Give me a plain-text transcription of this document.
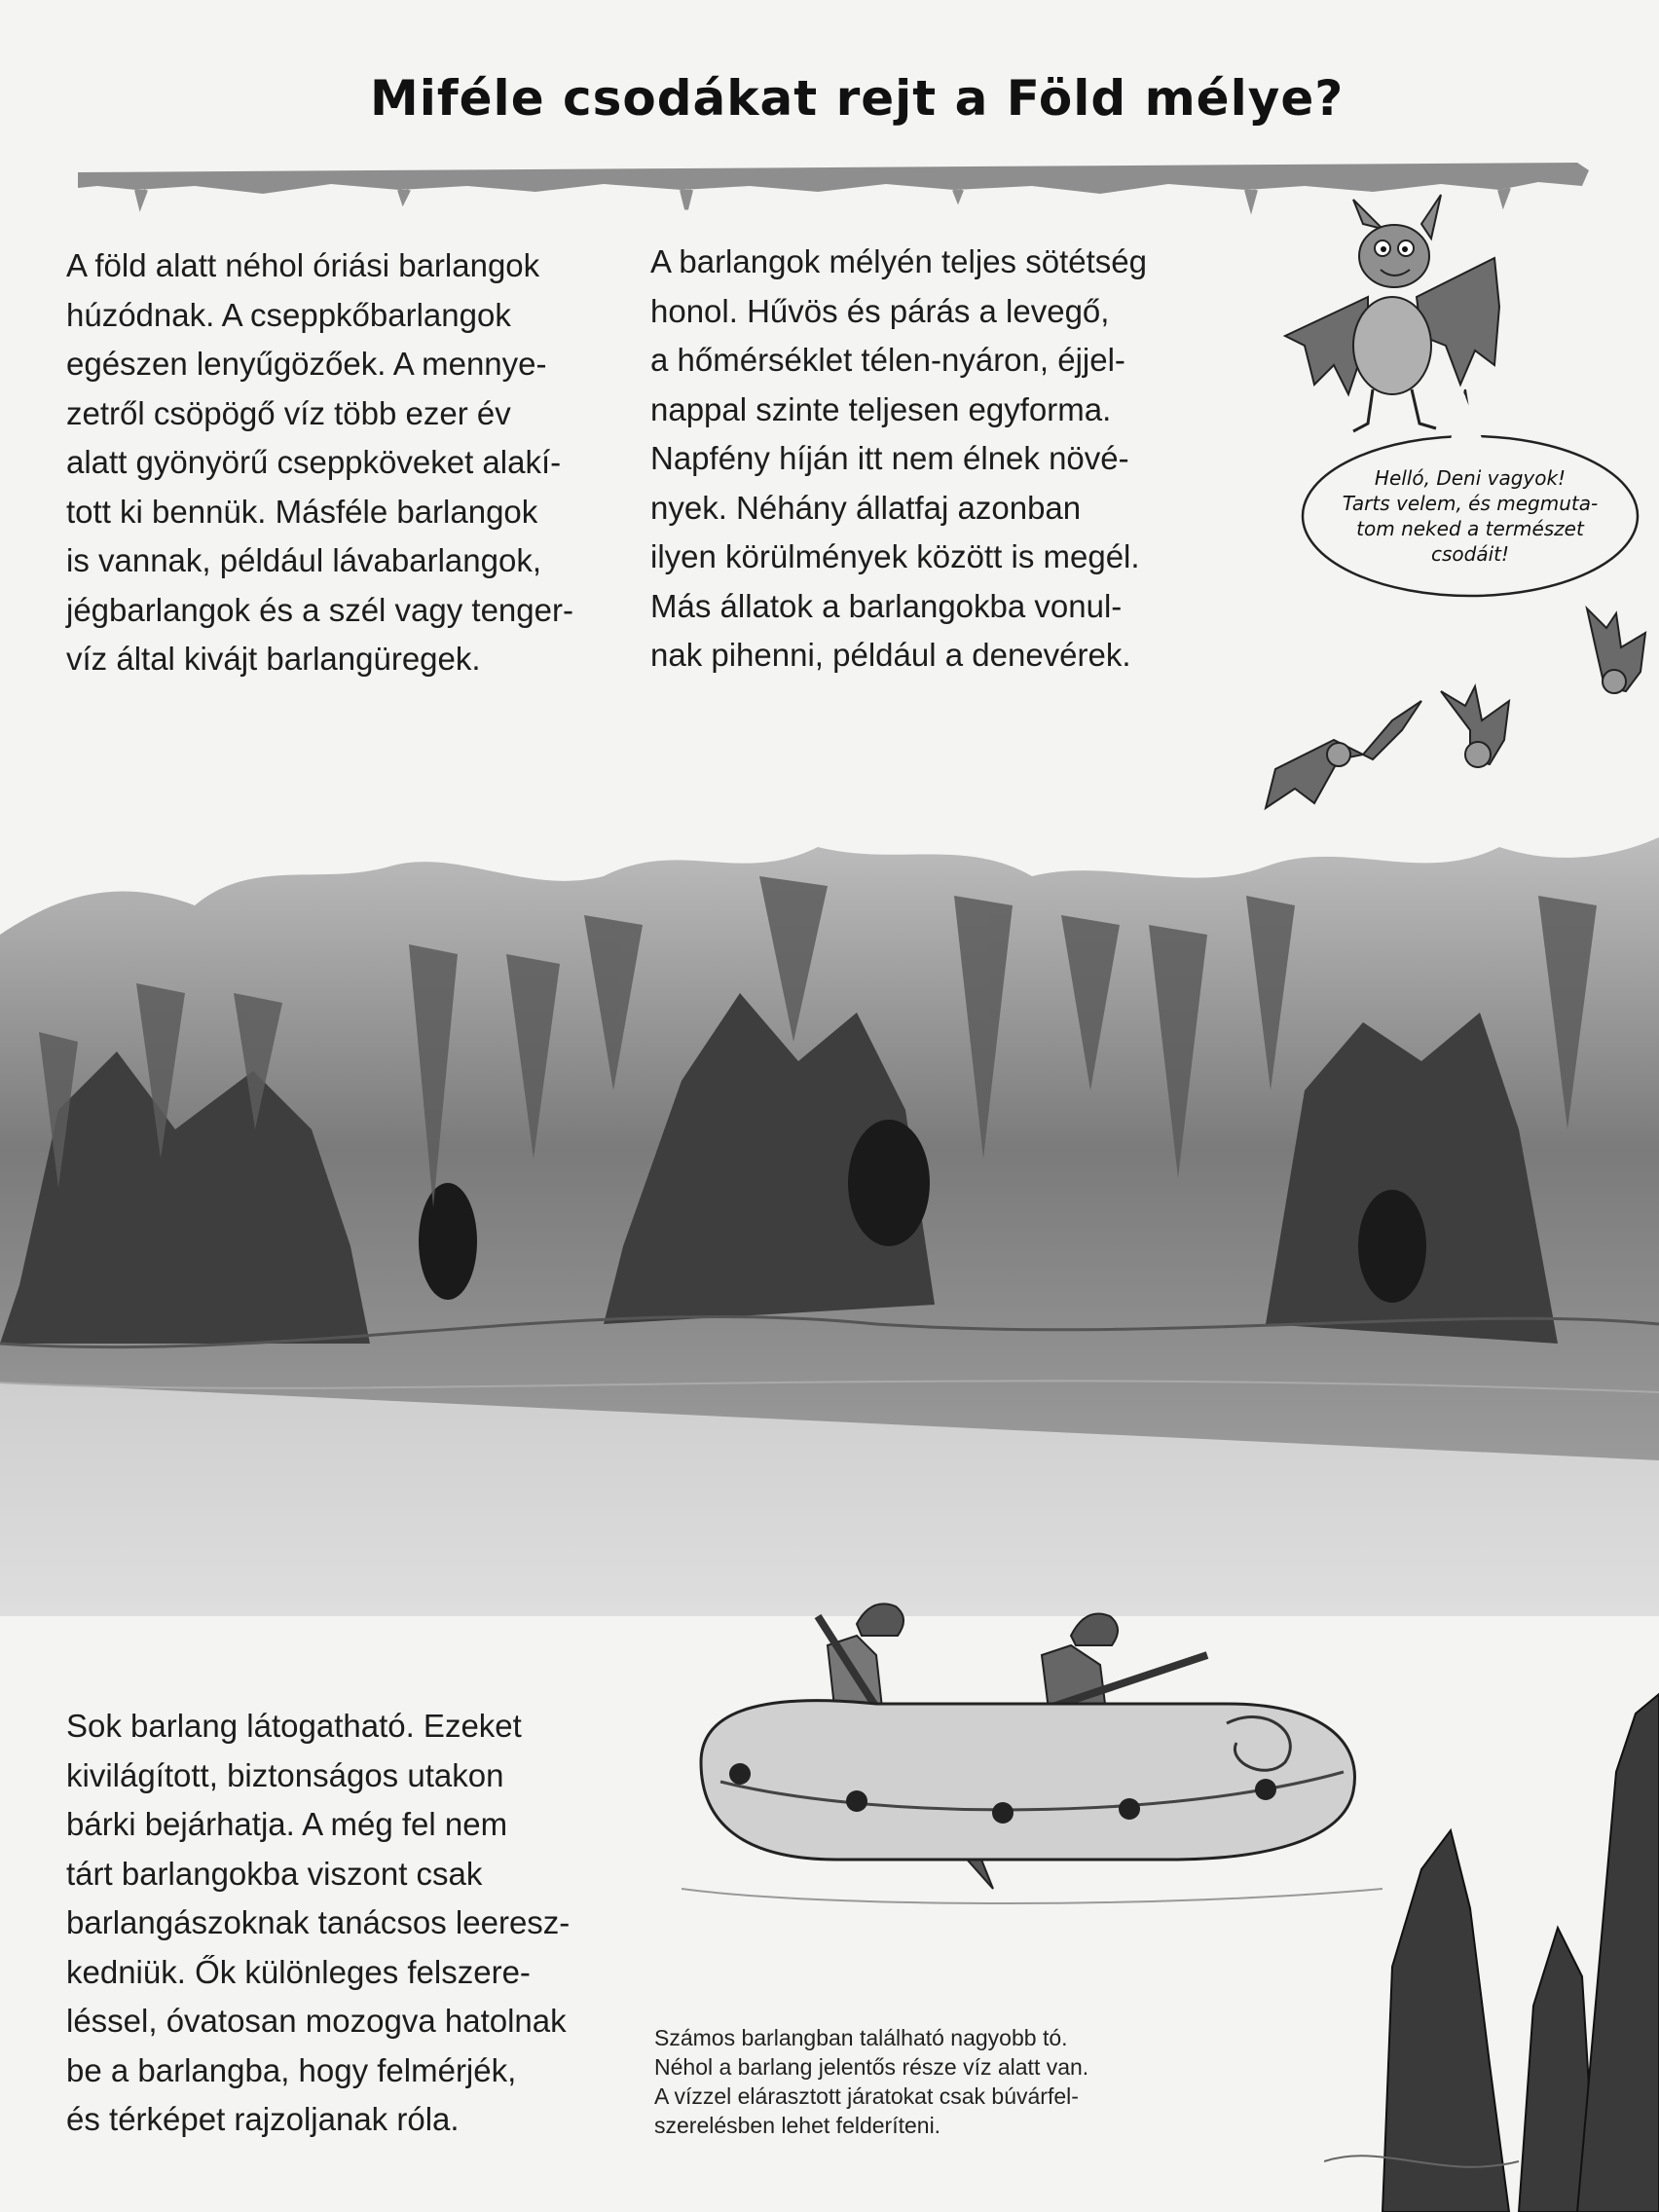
Miféle csodákat rejt a Föld mélye?
A föld alatt néhol óriási barlangok
húzódnak. A cseppkőbarlangok
egészen lenyűgözőek. A mennye-
zetről csöpögő víz több ezer év
alatt gyönyörű cseppköveket alakí-
tott ki bennük. Másféle barlangok
is vannak, például lávabarlangok,
jégbarlangok és a szél vagy tenger-
víz által kivájt barlangüregek.
A barlangok mélyén teljes sötétség
honol. Hűvös és párás a levegő,
a hőmérséklet télen-nyáron, éjjel-
nappal szinte teljesen egyforma.
Napfény híján itt nem élnek növé-
nyek. Néhány állatfaj azonban
ilyen körülmények között is megél.
Más állatok a barlangokba vonul-
nak pihenni, például a denevérek.
Helló, Deni vagyok!
Tarts velem, és megmuta-
tom neked a természet
csodáit!
Sok barlang látogatható. Ezeket
kivilágított, biztonságos utakon
bárki bejárhatja. A még fel nem
tárt barlangokba viszont csak
barlangászoknak tanácsos leeresz-
kedniük. Ők különleges felszere-
léssel, óvatosan mozogva hatolnak
be a barlangba, hogy felmérjék,
és térképet rajzoljanak róla.
Számos barlangban található nagyobb tó.
Néhol a barlang jelentős része víz alatt van.
A vízzel elárasztott járatokat csak búvárfel-
szerelésben lehet felderíteni.
